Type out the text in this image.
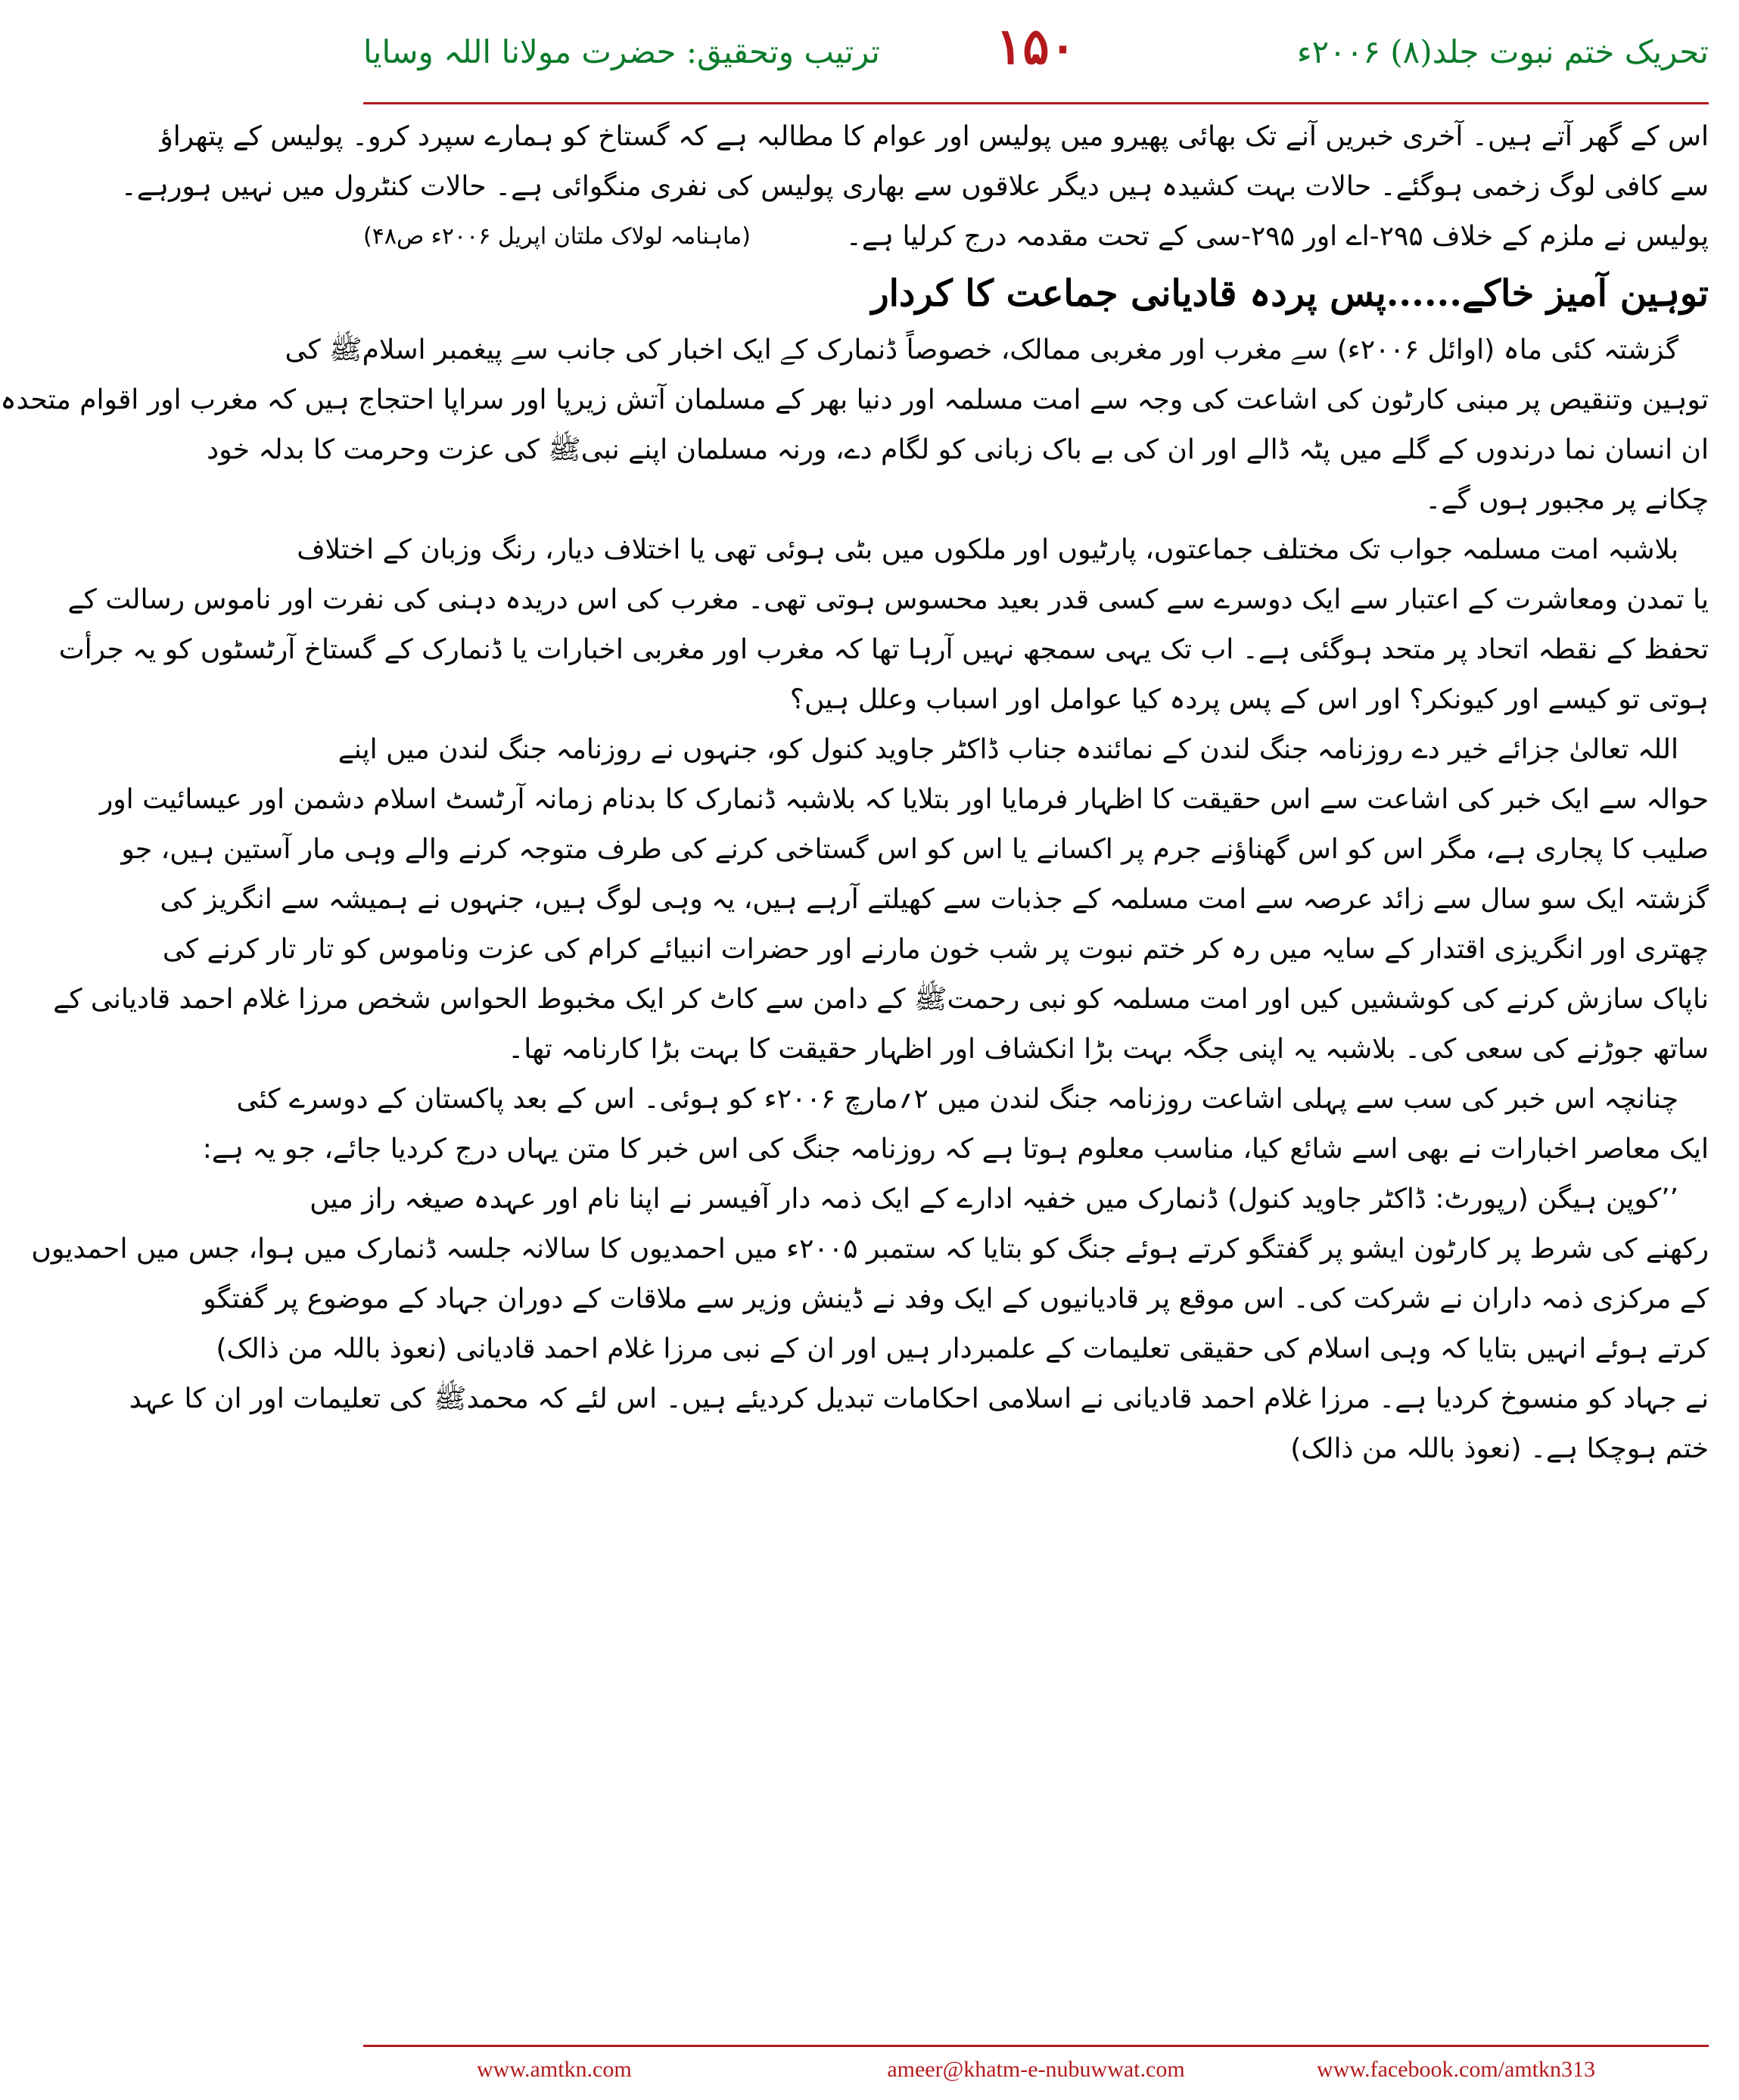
تحریک ختم نبوت جلد(۸) ۲۰۰۶ء
۱۵۰
ترتیب وتحقیق: حضرت مولانا اللہ وسایا
اس کے گھر آتے ہیں۔ آخری خبریں آنے تک بھائی پھیرو میں پولیس اور عوام کا مطالبہ ہے کہ گستاخ کو ہمارے سپرد کرو۔ پولیس کے پتھراؤ
سے کافی لوگ زخمی ہوگئے۔ حالات بہت کشیدہ ہیں دیگر علاقوں سے بھاری پولیس کی نفری منگوائی ہے۔ حالات کنٹرول میں نہیں ہورہے۔
پولیس نے ملزم کے خلاف ۲۹۵-اے اور ۲۹۵-سی کے تحت مقدمہ درج کرلیا ہے۔
(ماہنامہ لولاک ملتان اپریل ۲۰۰۶ء ص۴۸)
توہین آمیز خاکے......پس پردہ قادیانی جماعت کا کردار
گزشتہ کئی ماہ (اوائل ۲۰۰۶ء) سے مغرب اور مغربی ممالک، خصوصاً ڈنمارک کے ایک اخبار کی جانب سے پیغمبر اسلامﷺ کی
توہین وتنقیص پر مبنی کارٹون کی اشاعت کی وجہ سے امت مسلمہ اور دنیا بھر کے مسلمان آتش زیرپا اور سراپا احتجاج ہیں کہ مغرب اور اقوام متحدہ
ان انسان نما درندوں کے گلے میں پٹہ ڈالے اور ان کی بے باک زبانی کو لگام دے، ورنہ مسلمان اپنے نبیﷺ کی عزت وحرمت کا بدلہ خود
چکانے پر مجبور ہوں گے۔
بلاشبہ امت مسلمہ جواب تک مختلف جماعتوں، پارٹیوں اور ملکوں میں بٹی ہوئی تھی یا اختلاف دیار، رنگ وزبان کے اختلاف
یا تمدن ومعاشرت کے اعتبار سے ایک دوسرے سے کسی قدر بعید محسوس ہوتی تھی۔ مغرب کی اس دریدہ دہنی کی نفرت اور ناموس رسالت کے
تحفظ کے نقطہ اتحاد پر متحد ہوگئی ہے۔ اب تک یہی سمجھ نہیں آرہا تھا کہ مغرب اور مغربی اخبارات یا ڈنمارک کے گستاخ آرٹسٹوں کو یہ جرأت
ہوتی تو کیسے اور کیونکر؟ اور اس کے پس پردہ کیا عوامل اور اسباب وعلل ہیں؟
اللہ تعالیٰ جزائے خیر دے روزنامہ جنگ لندن کے نمائندہ جناب ڈاکٹر جاوید کنول کو، جنہوں نے روزنامہ جنگ لندن میں اپنے
حوالہ سے ایک خبر کی اشاعت سے اس حقیقت کا اظہار فرمایا اور بتلایا کہ بلاشبہ ڈنمارک کا بدنام زمانہ آرٹسٹ اسلام دشمن اور عیسائیت اور
صلیب کا پجاری ہے، مگر اس کو اس گھناؤنے جرم پر اکسانے یا اس کو اس گستاخی کرنے کی طرف متوجہ کرنے والے وہی مار آستین ہیں، جو
گزشتہ ایک سو سال سے زائد عرصہ سے امت مسلمہ کے جذبات سے کھیلتے آرہے ہیں، یہ وہی لوگ ہیں، جنہوں نے ہمیشہ سے انگریز کی
چھتری اور انگریزی اقتدار کے سایہ میں رہ کر ختم نبوت پر شب خون مارنے اور حضرات انبیائے کرام کی عزت وناموس کو تار تار کرنے کی
ناپاک سازش کرنے کی کوششیں کیں اور امت مسلمہ کو نبی رحمتﷺ کے دامن سے کاٹ کر ایک مخبوط الحواس شخص مرزا غلام احمد قادیانی کے
ساتھ جوڑنے کی سعی کی۔ بلاشبہ یہ اپنی جگہ بہت بڑا انکشاف اور اظہار حقیقت کا بہت بڑا کارنامہ تھا۔
چنانچہ اس خبر کی سب سے پہلی اشاعت روزنامہ جنگ لندن میں ۲؍مارچ ۲۰۰۶ء کو ہوئی۔ اس کے بعد پاکستان کے دوسرے کئی
ایک معاصر اخبارات نے بھی اسے شائع کیا، مناسب معلوم ہوتا ہے کہ روزنامہ جنگ کی اس خبر کا متن یہاں درج کردیا جائے، جو یہ ہے:
’’کوپن ہیگن (رپورٹ: ڈاکٹر جاوید کنول) ڈنمارک میں خفیہ ادارے کے ایک ذمہ دار آفیسر نے اپنا نام اور عہدہ صیغہ راز میں
رکھنے کی شرط پر کارٹون ایشو پر گفتگو کرتے ہوئے جنگ کو بتایا کہ ستمبر ۲۰۰۵ء میں احمدیوں کا سالانہ جلسہ ڈنمارک میں ہوا، جس میں احمدیوں
کے مرکزی ذمہ داران نے شرکت کی۔ اس موقع پر قادیانیوں کے ایک وفد نے ڈینش وزیر سے ملاقات کے دوران جہاد کے موضوع پر گفتگو
کرتے ہوئے انہیں بتایا کہ وہی اسلام کی حقیقی تعلیمات کے علمبردار ہیں اور ان کے نبی مرزا غلام احمد قادیانی (نعوذ باللہ من ذالک)
نے جہاد کو منسوخ کردیا ہے۔ مرزا غلام احمد قادیانی نے اسلامی احکامات تبدیل کردیئے ہیں۔ اس لئے کہ محمدﷺ کی تعلیمات اور ان کا عہد
ختم ہوچکا ہے۔ (نعوذ باللہ من ذالک)
www.amtkn.com	ameer@khatm-e-nubuwwat.com	www.facebook.com/amtkn313
